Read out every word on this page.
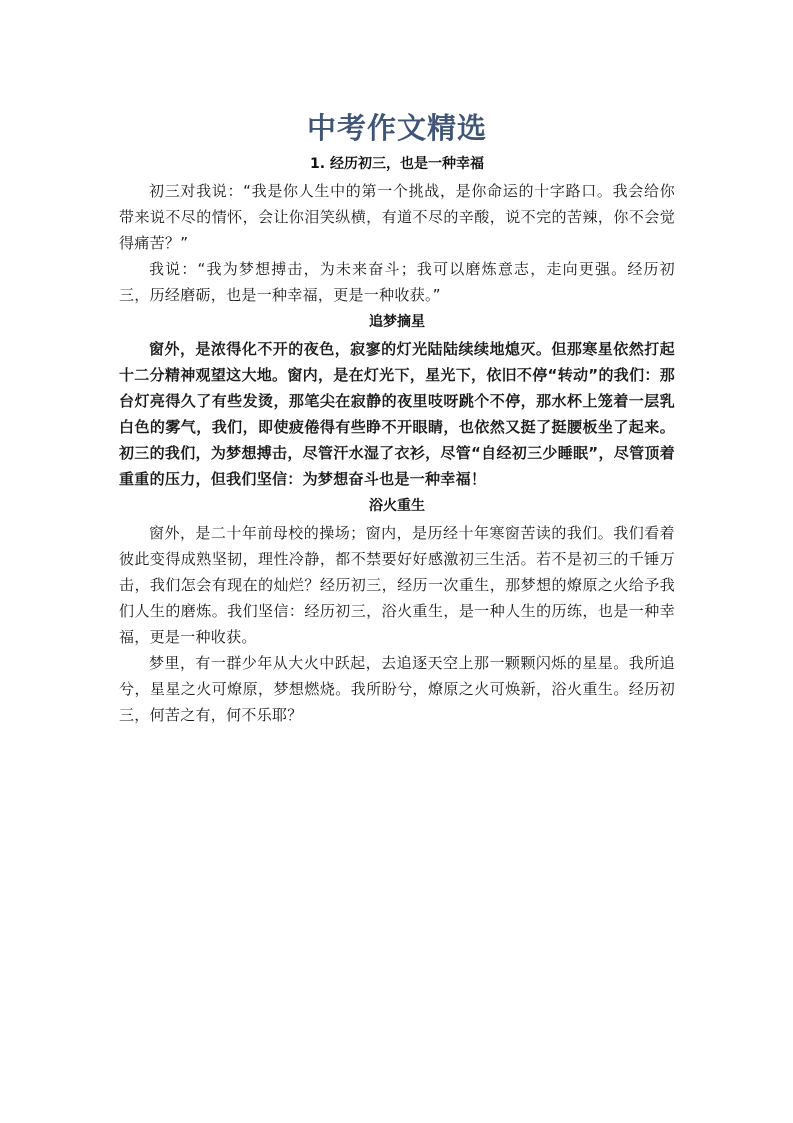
中考作文精选
1. 经历初三，也是一种幸福

初三对我说：“我是你人生中的第一个挑战，是你命运的十字路口。我会给你带来说不尽的情怀，会让你泪笑纵横，有道不尽的辛酸，说不完的苦辣，你不会觉得痛苦？”

我说：“我为梦想搏击，为未来奋斗；我可以磨炼意志，走向更强。经历初三，历经磨砺，也是一种幸福，更是一种收获。”

追梦摘星

窗外，是浓得化不开的夜色，寂寥的灯光陆陆续续地熄灭。但那寒星依然打起十二分精神观望这大地。窗内，是在灯光下，星光下，依旧不停“转动”的我们：那台灯亮得久了有些发烫，那笔尖在寂静的夜里吱呀跳个不停，那水杯上笼着一层乳白色的雾气，我们，即使疲倦得有些睁不开眼睛，也依然又挺了挺腰板坐了起来。初三的我们，为梦想搏击，尽管汗水湿了衣衫，尽管“自经初三少睡眠”，尽管顶着重重的压力，但我们坚信：为梦想奋斗也是一种幸福！

浴火重生

窗外，是二十年前母校的操场；窗内，是历经十年寒窗苦读的我们。我们看着彼此变得成熟坚韧，理性冷静，都不禁要好好感激初三生活。若不是初三的千锤万击，我们怎会有现在的灿烂？经历初三，经历一次重生，那梦想的燎原之火给予我们人生的磨炼。我们坚信：经历初三，浴火重生，是一种人生的历练，也是一种幸福，更是一种收获。

梦里，有一群少年从大火中跃起，去追逐天空上那一颗颗闪烁的星星。我所追兮，星星之火可燎原，梦想燃烧。我所盼兮，燎原之火可焕新，浴火重生。经历初三，何苦之有，何不乐耶？
